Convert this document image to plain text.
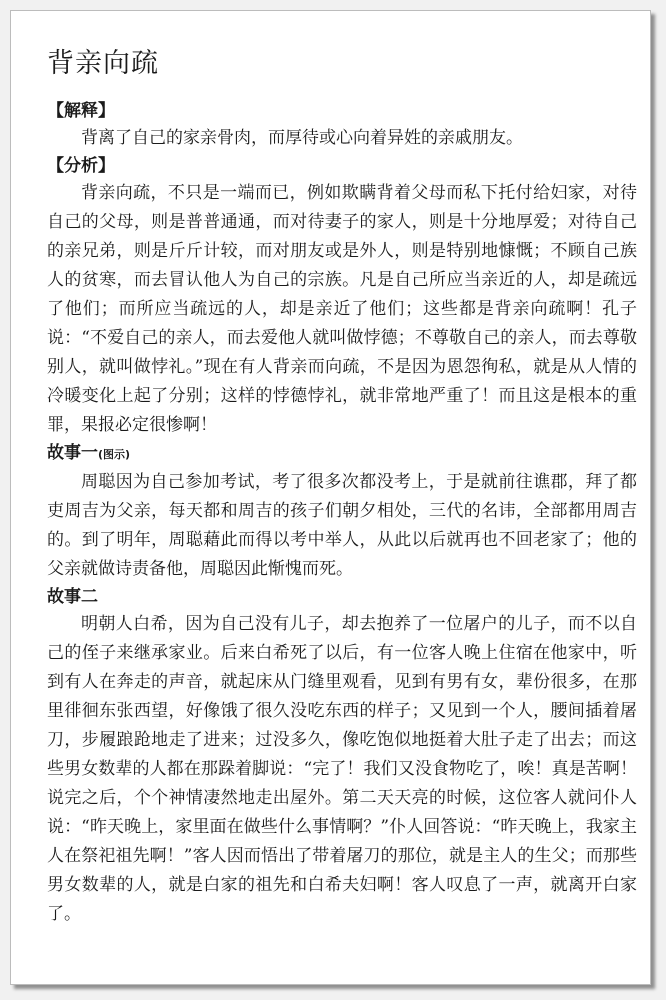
背亲向疏
【解释】

背离了自己的家亲骨肉，而厚待或心向着异姓的亲戚朋友。

【分析】

背亲向疏，不只是一端而已，例如欺瞒背着父母而私下托付给妇家，对待自己的父母，则是普普通通，而对待妻子的家人，则是十分地厚爱；对待自己的亲兄弟，则是斤斤计较，而对朋友或是外人，则是特别地慷慨；不顾自己族人的贫寒，而去冒认他人为自己的宗族。凡是自己所应当亲近的人，却是疏远了他们；而所应当疏远的人，却是亲近了他们；这些都是背亲向疏啊！孔子说：“不爱自己的亲人，而去爱他人就叫做悖德；不尊敬自己的亲人，而去尊敬别人，就叫做悖礼。”现在有人背亲而向疏，不是因为恩怨徇私，就是从人情的冷暖变化上起了分别；这样的悖德悖礼，就非常地严重了！而且这是根本的重罪，果报必定很惨啊！

故事一(图示)

周聪因为自己参加考试，考了很多次都没考上，于是就前往谯郡，拜了都吏周吉为父亲，每天都和周吉的孩子们朝夕相处，三代的名讳，全部都用周吉的。到了明年，周聪藉此而得以考中举人，从此以后就再也不回老家了；他的父亲就做诗责备他，周聪因此惭愧而死。

故事二

明朝人白希，因为自己没有儿子，却去抱养了一位屠户的儿子，而不以自己的侄子来继承家业。后来白希死了以后，有一位客人晚上住宿在他家中，听到有人在奔走的声音，就起床从门缝里观看，见到有男有女，辈份很多，在那里徘徊东张西望，好像饿了很久没吃东西的样子；又见到一个人，腰间插着屠刀，步履踉跄地走了进来；过没多久，像吃饱似地挺着大肚子走了出去；而这些男女数辈的人都在那跺着脚说：“完了！我们又没食物吃了，唉！真是苦啊！说完之后，个个神情凄然地走出屋外。第二天天亮的时候，这位客人就问仆人说：“昨天晚上，家里面在做些什么事情啊？”仆人回答说：“昨天晚上，我家主人在祭祀祖先啊！”客人因而悟出了带着屠刀的那位，就是主人的生父；而那些男女数辈的人，就是白家的祖先和白希夫妇啊！客人叹息了一声，就离开白家了。
